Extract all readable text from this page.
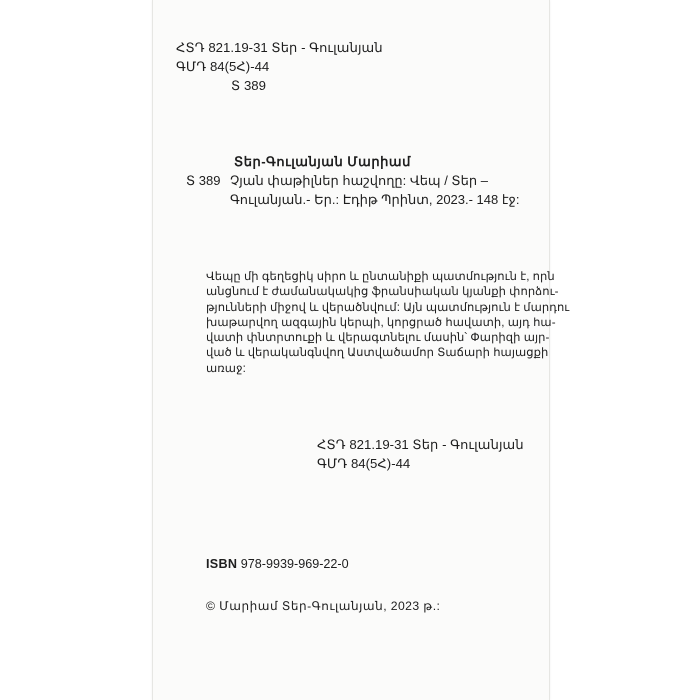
ՀՏԴ 821.19-31 Տեր - Գուլանյան
ԳՄԴ 84(5Հ)-44
Տ 389
Տեր-Գուլանյան Մարիամ
Տ 389 Չյան փաթիլներ հաշվողը: Վեպ / Տեր –
Գուլանյան.- Եր.: Էդիթ Պրինտ, 2023.- 148 էջ:
Վեպը մի գեղեցիկ սիրո և ընտանիքի պատմություն է, որն
անցնում է ժամանակակից ֆրանսիական կյանքի փորձու-
թյունների միջով և վերածնվում: Այն պատմություն է մարդու
խաթարվող ազգային կերպի, կորցրած հավատի, այդ հա-
վատի փնտրտուքի և վերագտնելու մասին՝ Փարիզի այր-
ված և վերականգնվող Աստվածամոր Տաճարի հայացքի
առաջ:
ՀՏԴ 821.19-31 Տեր - Գուլանյան
ԳՄԴ 84(5Հ)-44
ISBN 978-9939-969-22-0
© Մարիամ Տեր-Գուլանյան, 2023 թ.:
